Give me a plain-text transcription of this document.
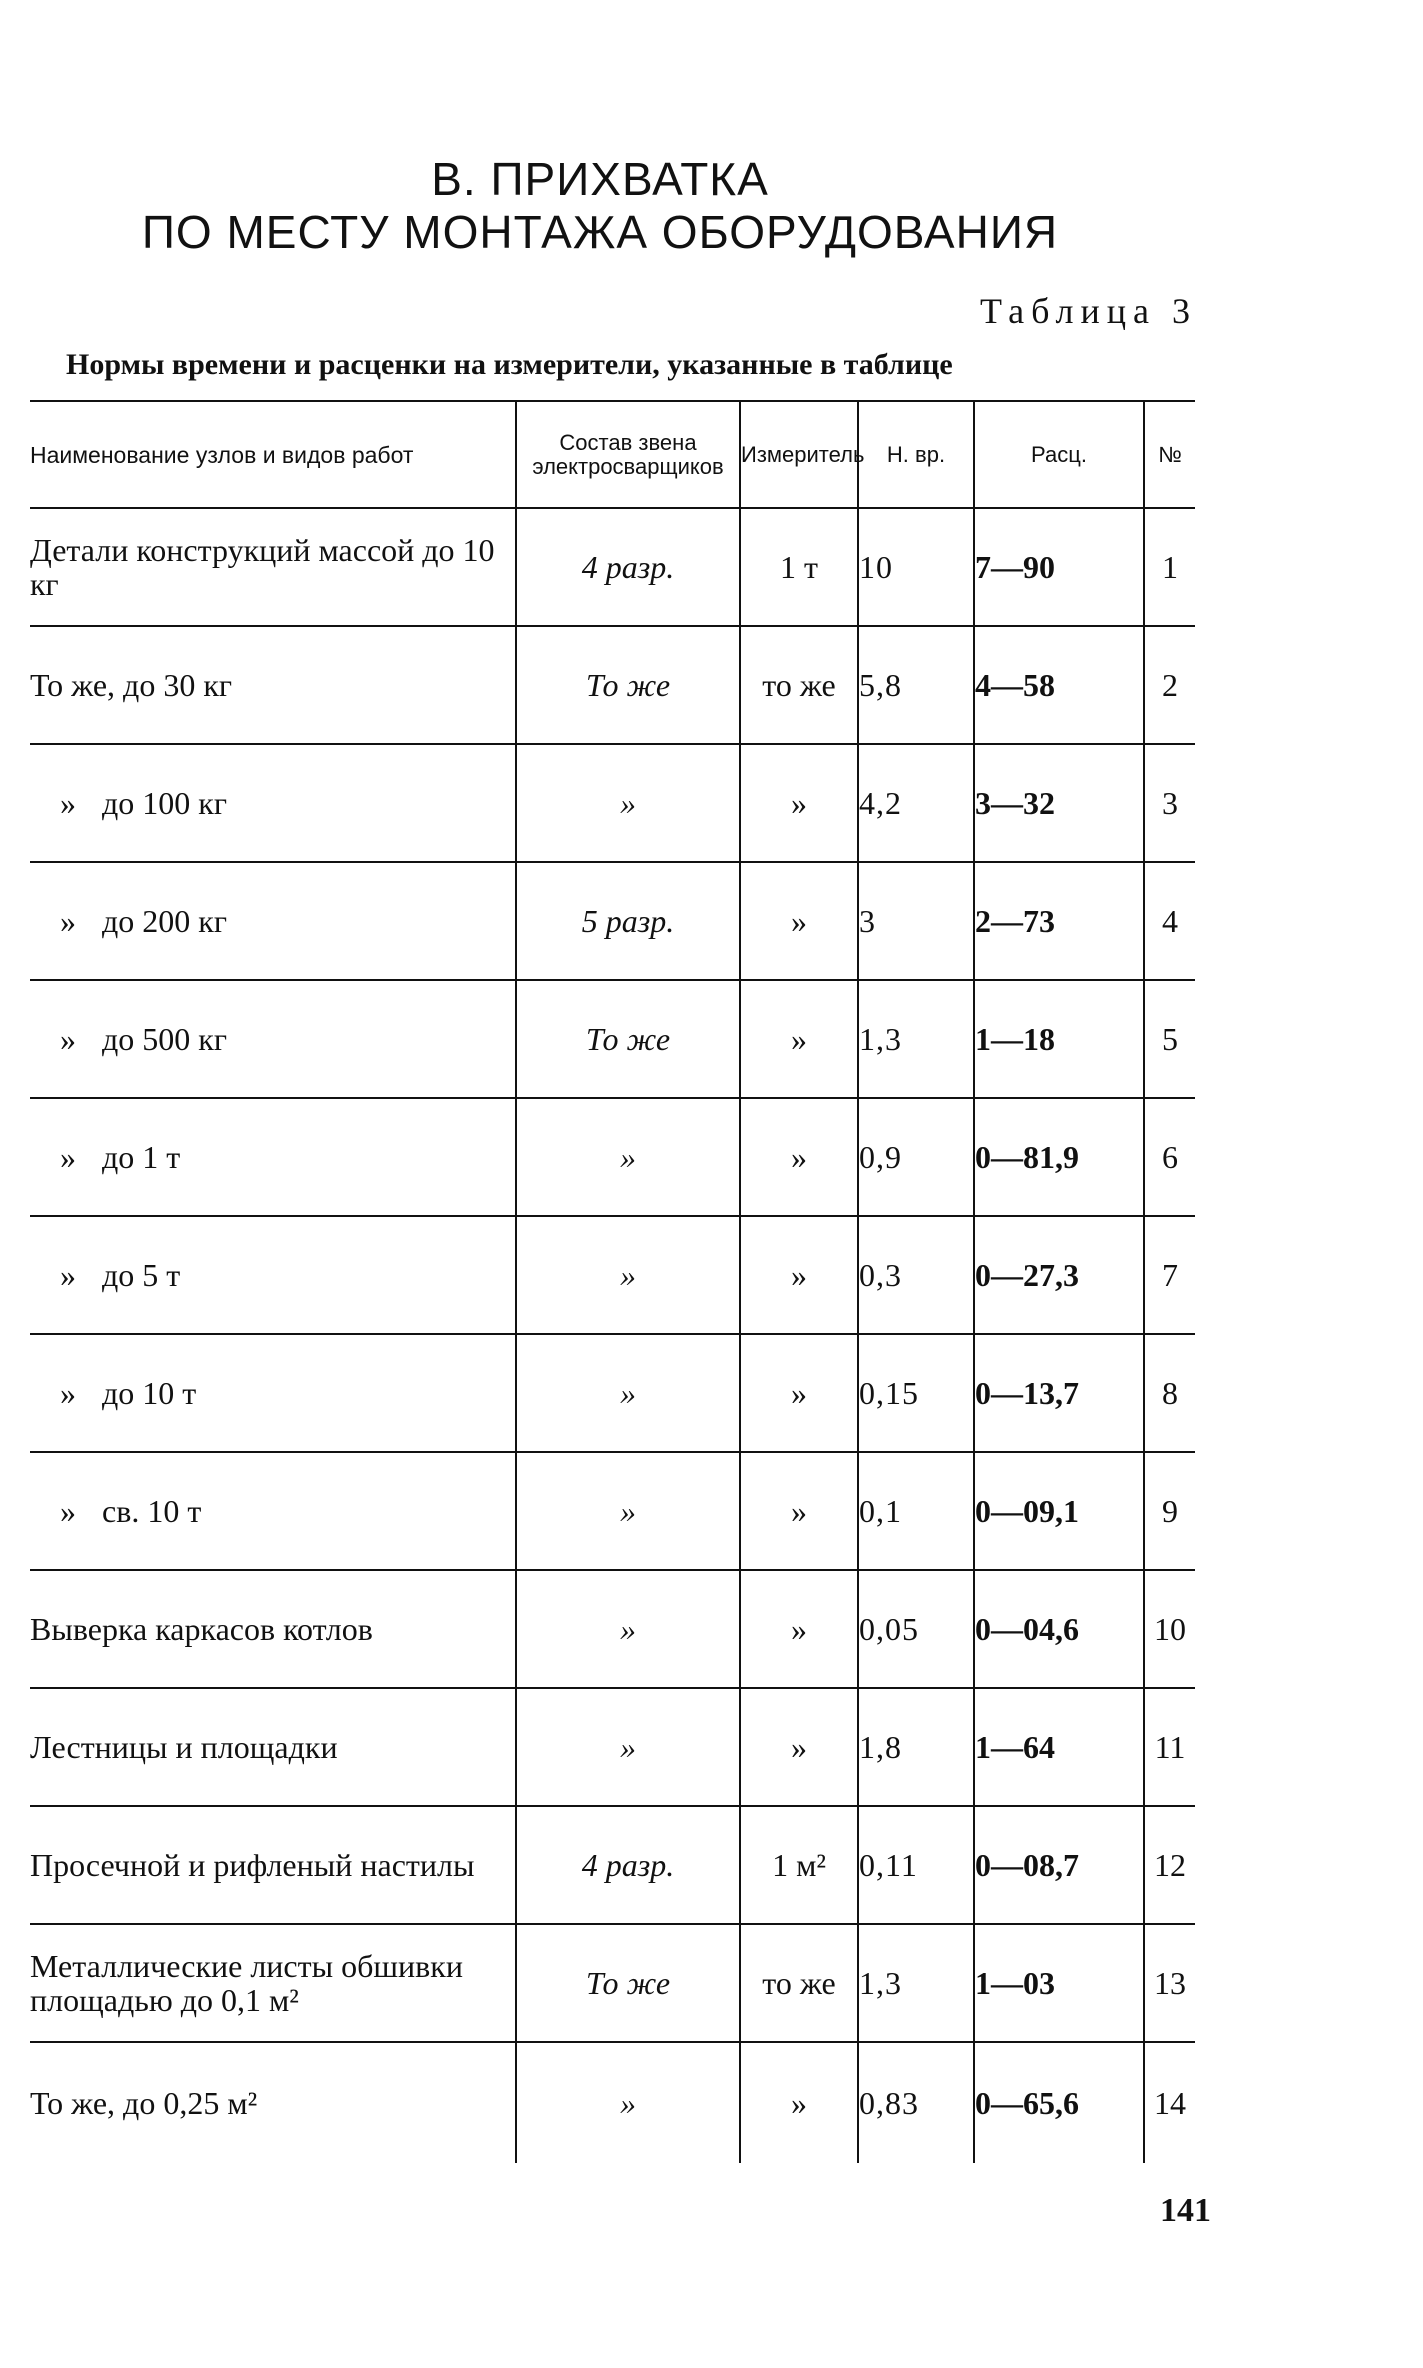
В. ПРИХВАТКА
ПО МЕСТУ МОНТАЖА ОБОРУДОВАНИЯ
Таблица 3
Нормы времени и расценки на измерители, указанные в таблице
Наименование узлов и видов работ	Состав звена электросварщиков	Измеритель	Н. вр.	Расц.	№
Детали конструкций массой до 10 кг	4 разр.	1 т	10	7—90	1
То же, до 30 кг	То же	то же	5,8	4—58	2
» до 100 кг	»	»	4,2	3—32	3
» до 200 кг	5 разр.	»	3	2—73	4
» до 500 кг	То же	»	1,3	1—18	5
» до 1 т	»	»	0,9	0—81,9	6
» до 5 т	»	»	0,3	0—27,3	7
» до 10 т	»	»	0,15	0—13,7	8
» св. 10 т	»	»	0,1	0—09,1	9
Выверка каркасов котлов	»	»	0,05	0—04,6	10
Лестницы и площадки	»	»	1,8	1—64	11
Просечной и рифленый настилы	4 разр.	1 м²	0,11	0—08,7	12
Металлические листы обшивки площадью до 0,1 м²	То же	то же	1,3	1—03	13
То же, до 0,25 м²	»	»	0,83	0—65,6	14
141
